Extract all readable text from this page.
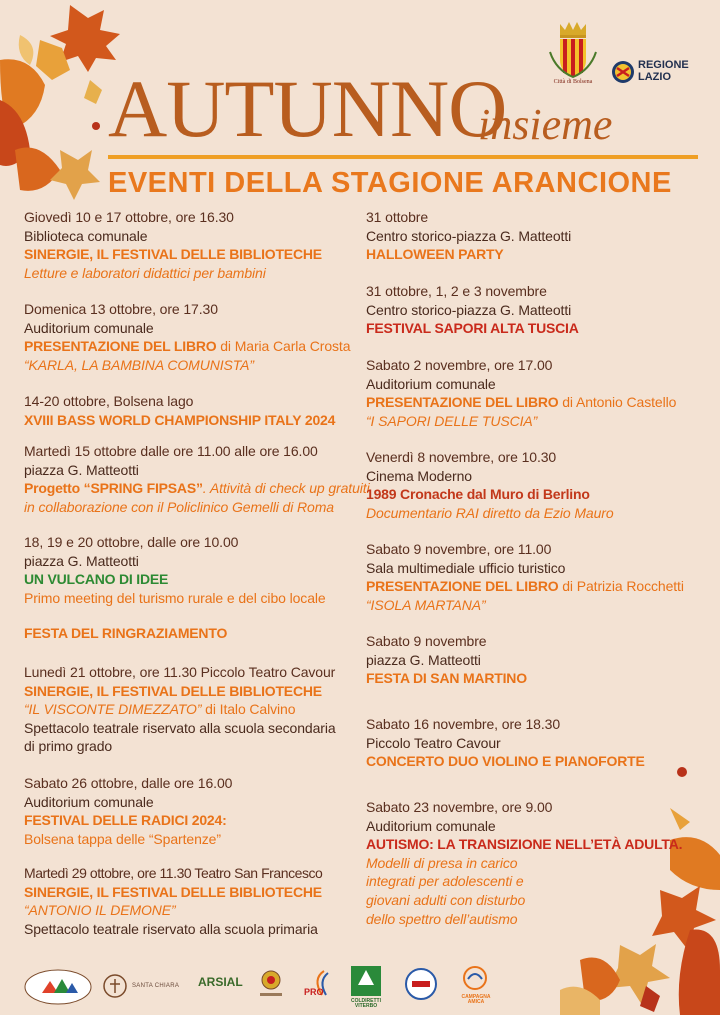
AUTUNNO
insieme
EVENTI DELLA STAGIONE ARANCIONE
Città di Bolsena
REGIONE
LAZIO
Giovedì 10 e 17 ottobre, ore 16.30
Biblioteca comunale
SINERGIE, IL FESTIVAL DELLE BIBLIOTECHE
Letture e laboratori didattici per bambini
Domenica 13 ottobre, ore 17.30
Auditorium comunale
PRESENTAZIONE DEL LIBRO di Maria Carla Crosta
“KARLA, LA BAMBINA COMUNISTA”
14-20 ottobre, Bolsena lago
XVIII BASS WORLD CHAMPIONSHIP ITALY 2024
Martedì 15 ottobre dalle ore 11.00 alle ore 16.00
piazza G. Matteotti
Progetto “SPRING FIPSAS”. Attività di check up gratuiti
in collaborazione con il Policlinico Gemelli di Roma
18, 19 e 20 ottobre, dalle ore 10.00
piazza G. Matteotti
UN VULCANO DI IDEE
Primo meeting del turismo rurale e del cibo locale
FESTA DEL RINGRAZIAMENTO
Lunedì 21 ottobre, ore 11.30 Piccolo Teatro Cavour
SINERGIE, IL FESTIVAL DELLE BIBLIOTECHE
“IL VISCONTE DIMEZZATO” di Italo Calvino
Spettacolo teatrale riservato alla scuola secondaria
di primo grado
Sabato 26 ottobre, dalle ore 16.00
Auditorium comunale
FESTIVAL DELLE RADICI 2024:
Bolsena tappa delle “Spartenze”
Martedì 29 ottobre, ore 11.30 Teatro San Francesco
SINERGIE, IL FESTIVAL DELLE BIBLIOTECHE
“ANTONIO IL DEMONE”
Spettacolo teatrale riservato alla scuola primaria
31 ottobre
Centro storico-piazza G. Matteotti
HALLOWEEN PARTY
31 ottobre, 1, 2 e 3 novembre
Centro storico-piazza G. Matteotti
FESTIVAL SAPORI ALTA TUSCIA
Sabato 2 novembre, ore 17.00
Auditorium comunale
PRESENTAZIONE DEL LIBRO di Antonio Castello
“I SAPORI DELLE TUSCIA”
Venerdì 8 novembre, ore 10.30
Cinema Moderno
1989 Cronache dal Muro di Berlino
Documentario RAI diretto da Ezio Mauro
Sabato 9 novembre, ore 11.00
Sala multimediale ufficio turistico
PRESENTAZIONE DEL LIBRO di Patrizia Rocchetti
“ISOLA MARTANA”
Sabato 9 novembre
piazza G. Matteotti
FESTA DI SAN MARTINO
Sabato 16 novembre, ore 18.30
Piccolo Teatro Cavour
CONCERTO DUO VIOLINO E PIANOFORTE
Sabato 23 novembre, ore 9.00
Auditorium comunale
AUTISMO: LA TRANSIZIONE NELL’ETÀ ADULTA.
Modelli di presa in carico
integrati per adolescenti e
giovani adulti con disturbo
dello spettro dell’autismo
SANTA CHIARA ARSIAL
PRO
COLDIRETTI VITERBO
CAMPAGNA AMICA
